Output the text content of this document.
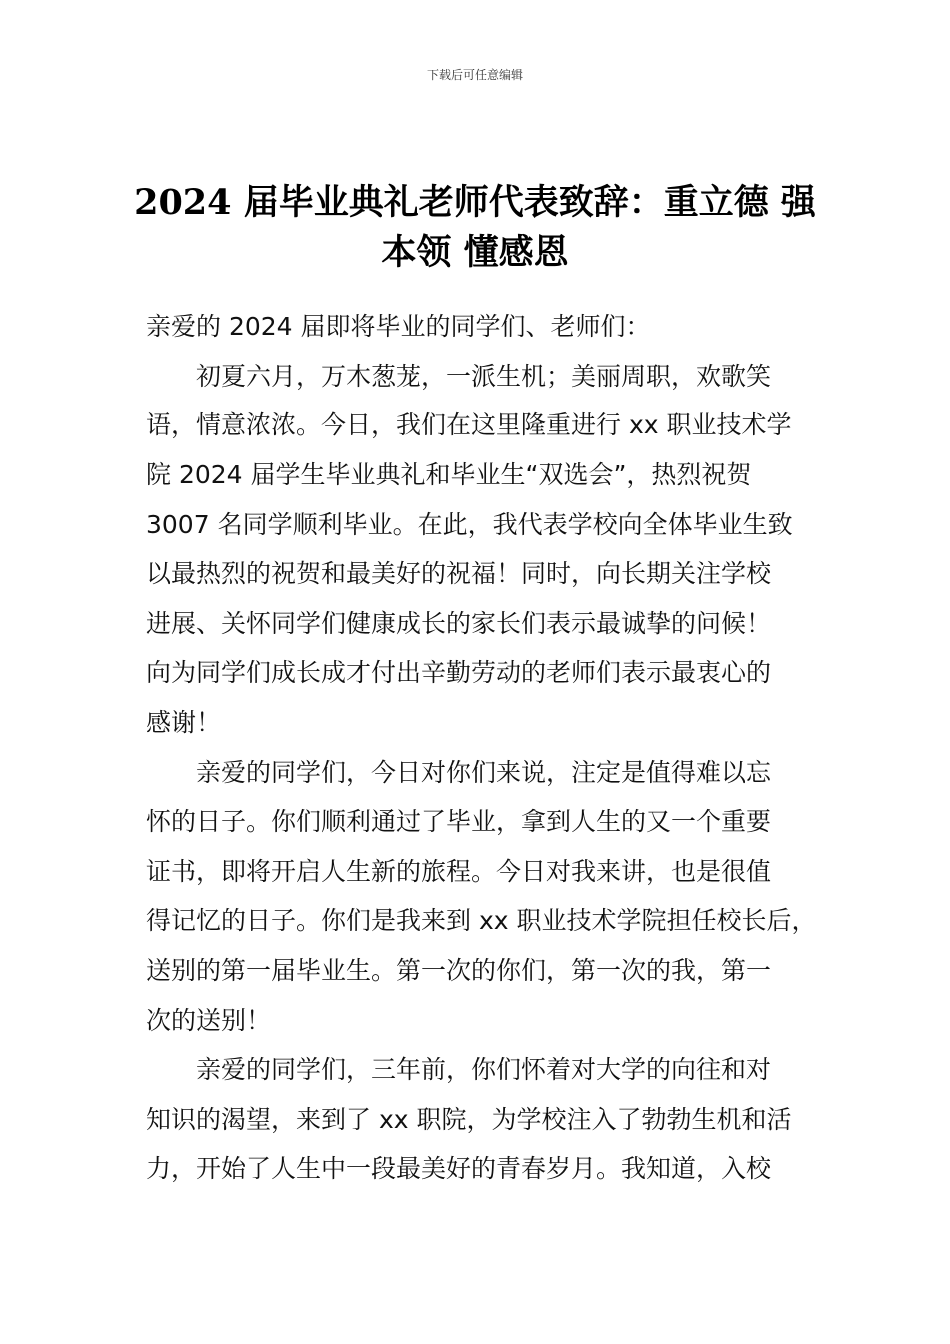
下载后可任意编辑
2024 届毕业典礼老师代表致辞：重立德 强
本领 懂感恩
亲爱的 2024 届即将毕业的同学们、老师们：
初夏六月，万木葱茏，一派生机；美丽周职，欢歌笑
语，情意浓浓。今日，我们在这里隆重进行 xx 职业技术学
院 2024 届学生毕业典礼和毕业生“双选会”，热烈祝贺
3007 名同学顺利毕业。在此，我代表学校向全体毕业生致
以最热烈的祝贺和最美好的祝福！同时，向长期关注学校
进展、关怀同学们健康成长的家长们表示最诚挚的问候！
向为同学们成长成才付出辛勤劳动的老师们表示最衷心的
感谢！
亲爱的同学们，今日对你们来说，注定是值得难以忘
怀的日子。你们顺利通过了毕业，拿到人生的又一个重要
证书，即将开启人生新的旅程。今日对我来讲，也是很值
得记忆的日子。你们是我来到 xx 职业技术学院担任校长后，
送别的第一届毕业生。第一次的你们，第一次的我，第一
次的送别！
亲爱的同学们，三年前，你们怀着对大学的向往和对
知识的渴望，来到了 xx 职院，为学校注入了勃勃生机和活
力，开始了人生中一段最美好的青春岁月。我知道，入校
